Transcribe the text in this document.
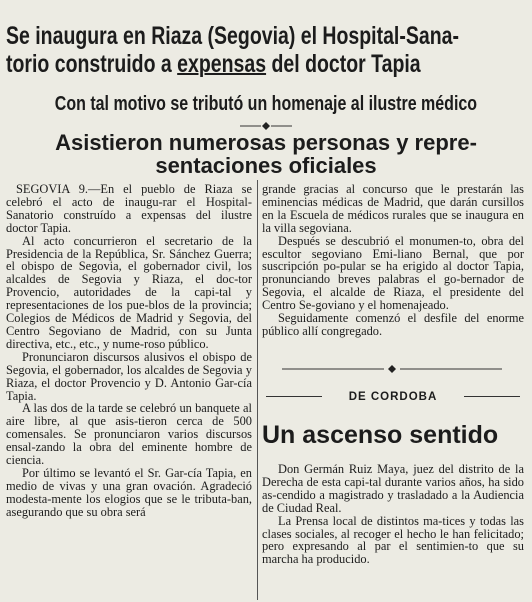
Se inaugura en Riaza (Segovia) el Hospital-Sana-
torio construido a expensas del doctor Tapia
Con tal motivo se tributó un homenaje al ilustre médico
Asistieron numerosas personas y repre-
sentaciones oficiales

SEGOVIA 9.—En el pueblo de Riaza se celebró el acto de inaugu-rar el Hospital-Sanatorio construído a expensas del ilustre doctor Tapia.

Al acto concurrieron el secretario de la Presidencia de la República, Sr. Sánchez Guerra; el obispo de Segovia, el gobernador civil, los alcaldes de Segovia y Riaza, el doc-tor Provencio, autoridades de la capi-tal y representaciones de los pue-blos de la provincia; Colegios de Médicos de Madrid y Segovia, del Centro Segoviano de Madrid, con su Junta directiva, etc., etc., y nume-roso público.

Pronunciaron discursos alusivos el obispo de Segovia, el gobernador, los alcaldes de Segovia y Riaza, el doctor Provencio y D. Antonio Gar-cía Tapia.

A las dos de la tarde se celebró un banquete al aire libre, al que asis-tieron cerca de 500 comensales. Se pronunciaron varios discursos ensal-zando la obra del eminente hombre de ciencia.

Por último se levantó el Sr. Gar-cía Tapia, en medio de vivas y una gran ovación. Agradeció modesta-mente los elogios que se le tributa-ban, asegurando que su obra será

grande gracias al concurso que le prestarán las eminencias médicas de Madrid, que darán cursillos en la Escuela de médicos rurales que se inaugura en la villa segoviana.

Después se descubrió el monumen-to, obra del escultor segoviano Emi-liano Bernal, que por suscripción po-pular se ha erigido al doctor Tapia, pronunciando breves palabras el go-bernador de Segovia, el alcalde de Riaza, el presidente del Centro Se-goviano y el homenajeado.

Seguidamente comenzó el desfile del enorme público allí congregado.

DE CORDOBA
Un ascenso sentido

Don Germán Ruiz Maya, juez del distrito de la Derecha de esta capi-tal durante varios años, ha sido as-cendido a magistrado y trasladado a la Audiencia de Ciudad Real.

La Prensa local de distintos ma-tices y todas las clases sociales, al recoger el hecho le han felicitado; pero expresando al par el sentimien-to que su marcha ha producido.
